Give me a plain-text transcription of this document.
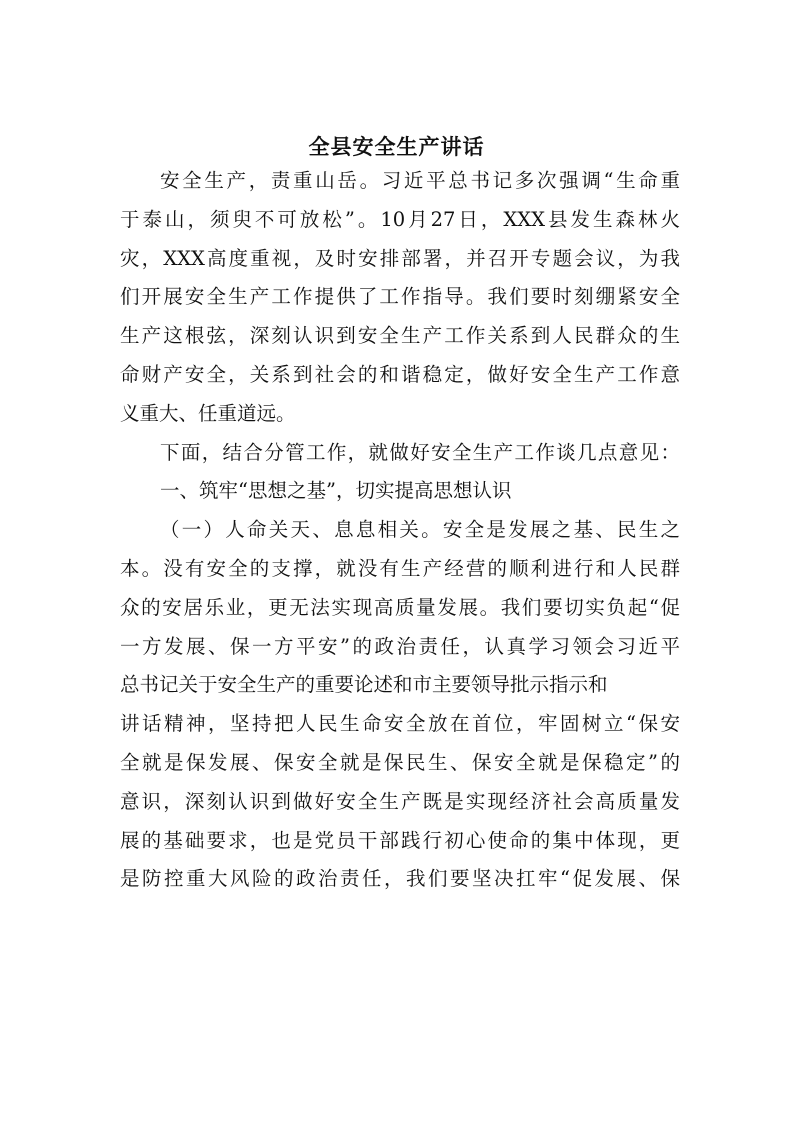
全县安全生产讲话
安全生产，责重山岳。习近平总书记多次强调“生命重
于泰山，须臾不可放松”。10月27日，XXX县发生森林火
灾，XXX高度重视，及时安排部署，并召开专题会议，为我
们开展安全生产工作提供了工作指导。我们要时刻绷紧安全
生产这根弦，深刻认识到安全生产工作关系到人民群众的生
命财产安全，关系到社会的和谐稳定，做好安全生产工作意
义重大、任重道远。
下面，结合分管工作，就做好安全生产工作谈几点意见：
一、筑牢“思想之基”，切实提高思想认识
（一）人命关天、息息相关。安全是发展之基、民生之
本。没有安全的支撑，就没有生产经营的顺利进行和人民群
众的安居乐业，更无法实现高质量发展。我们要切实负起“促
一方发展、保一方平安”的政治责任，认真学习领会习近平
总书记关于安全生产的重要论述和市主要领导批示指示和
讲话精神，坚持把人民生命安全放在首位，牢固树立“保安
全就是保发展、保安全就是保民生、保安全就是保稳定”的
意识，深刻认识到做好安全生产既是实现经济社会高质量发
展的基础要求，也是党员干部践行初心使命的集中体现，更
是防控重大风险的政治责任，我们要坚决扛牢“促发展、保
